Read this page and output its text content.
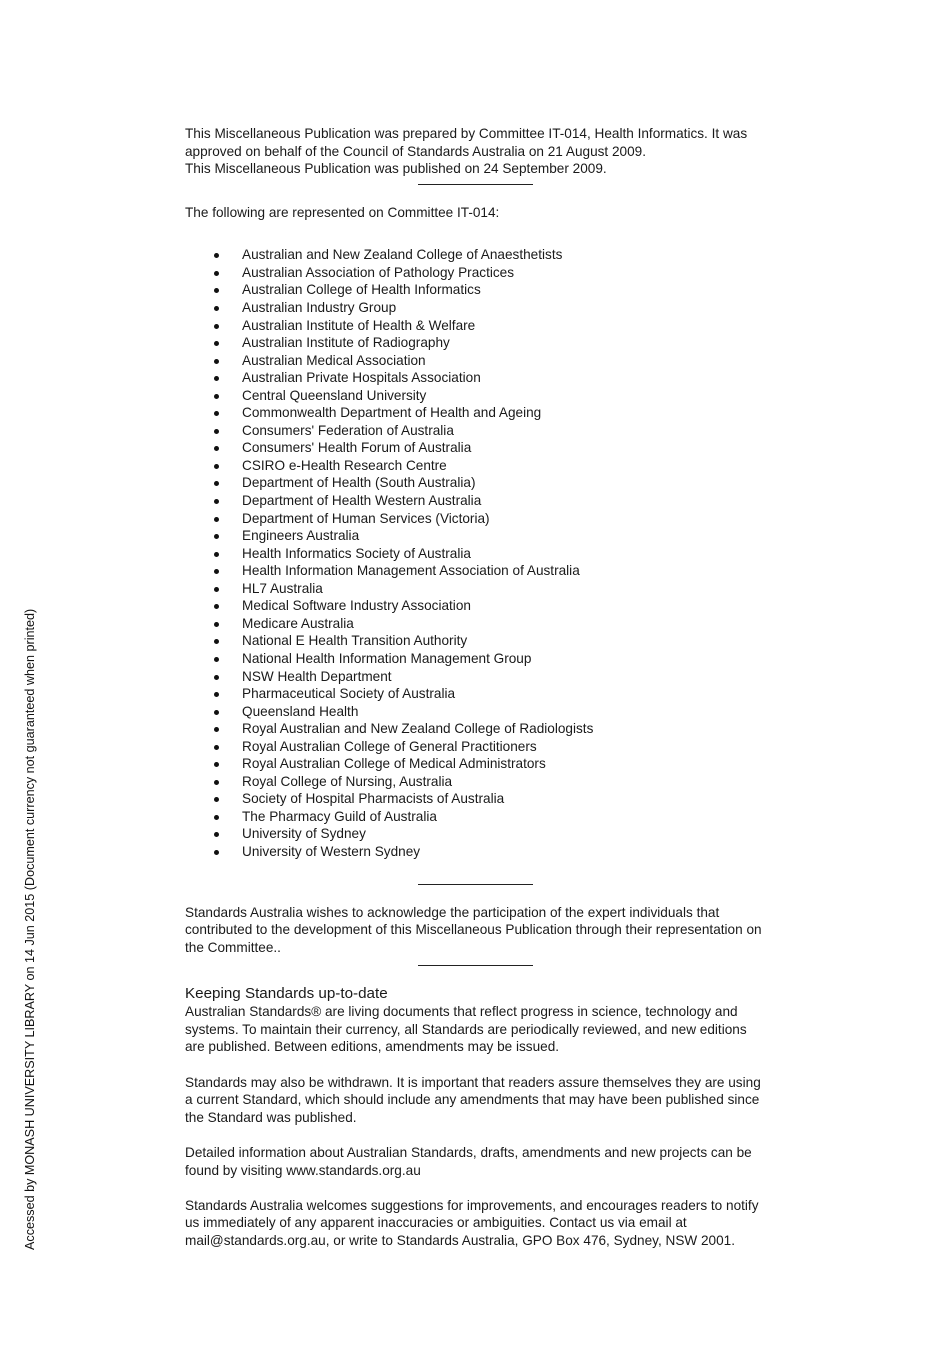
Accessed by MONASH UNIVERSITY LIBRARY on 14 Jun 2015 (Document currency not guaranteed when printed)

This Miscellaneous Publication was prepared by Committee IT-014, Health Informatics. It was approved on behalf of the Council of Standards Australia on 21 August 2009.

This Miscellaneous Publication was published on 24 September 2009.

The following are represented on Committee IT-014:

Australian and New Zealand College of Anaesthetists
Australian Association of Pathology Practices
Australian College of Health Informatics
Australian Industry Group
Australian Institute of Health & Welfare
Australian Institute of Radiography
Australian Medical Association
Australian Private Hospitals Association
Central Queensland University
Commonwealth Department of Health and Ageing
Consumers' Federation of Australia
Consumers' Health Forum of Australia
CSIRO e-Health Research Centre
Department of Health (South Australia)
Department of Health Western Australia
Department of Human Services (Victoria)
Engineers Australia
Health Informatics Society of Australia
Health Information Management Association of Australia
HL7 Australia
Medical Software Industry Association
Medicare Australia
National E Health Transition Authority
National Health Information Management Group
NSW Health Department
Pharmaceutical Society of Australia
Queensland Health
Royal Australian and New Zealand College of Radiologists
Royal Australian College of General Practitioners
Royal Australian College of Medical Administrators
Royal College of Nursing, Australia
Society of Hospital Pharmacists of Australia
The Pharmacy Guild of Australia
University of Sydney
University of Western Sydney

Standards Australia wishes to acknowledge the participation of the expert individuals that contributed to the development of this Miscellaneous Publication through their representation on the Committee..

Keeping Standards up-to-date

Australian Standards® are living documents that reflect progress in science, technology and systems. To maintain their currency, all Standards are periodically reviewed, and new editions are published. Between editions, amendments may be issued.

Standards may also be withdrawn. It is important that readers assure themselves they are using a current Standard, which should include any amendments that may have been published since the Standard was published.

Detailed information about Australian Standards, drafts, amendments and new projects can be found by visiting www.standards.org.au

Standards Australia welcomes suggestions for improvements, and encourages readers to notify us immediately of any apparent inaccuracies or ambiguities. Contact us via email at mail@standards.org.au, or write to Standards Australia, GPO Box 476, Sydney, NSW 2001.
